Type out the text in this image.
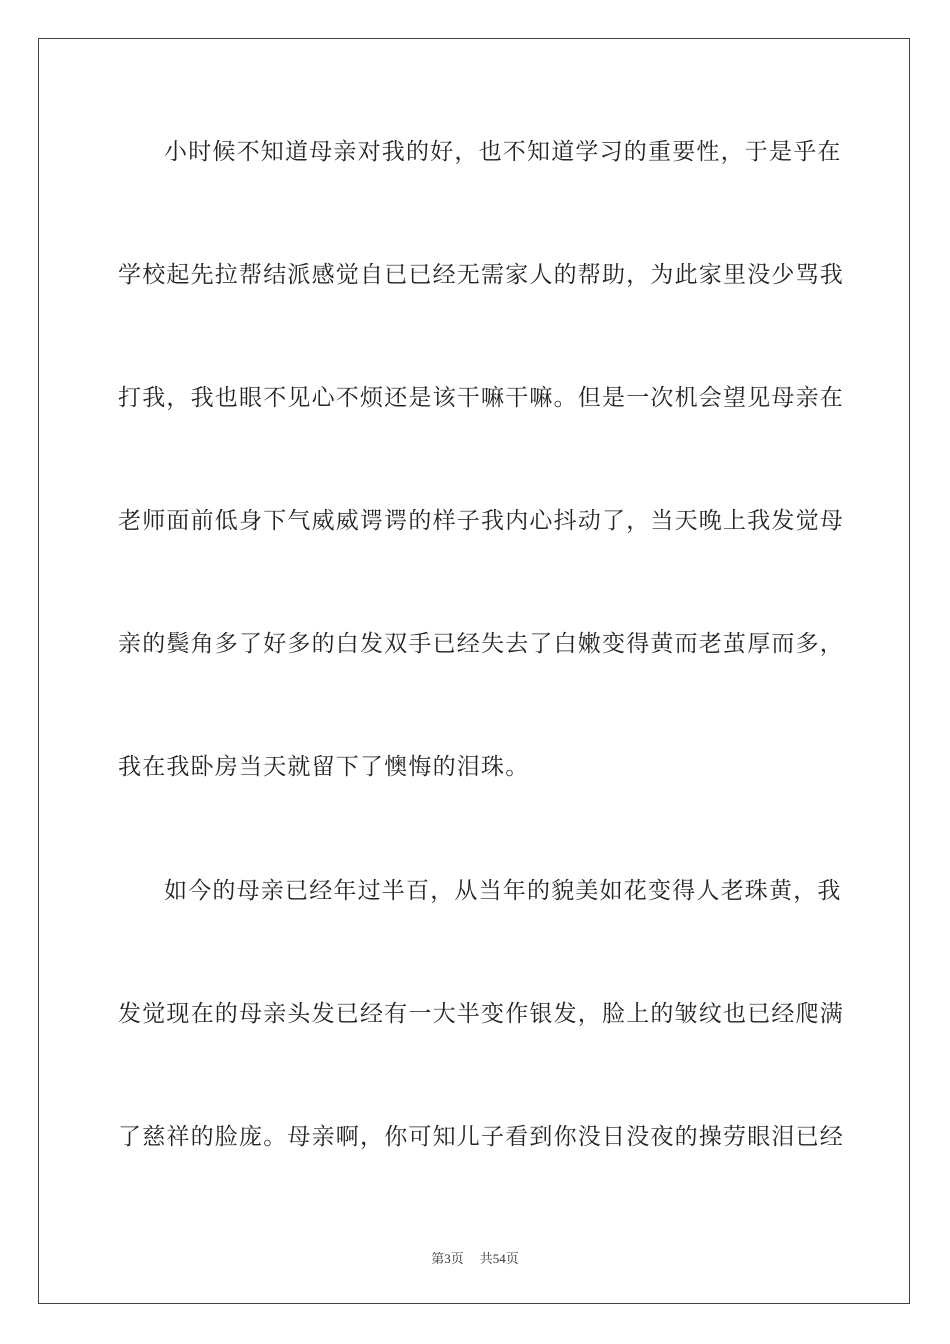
小时候不知道母亲对我的好，也不知道学习的重要性，于是乎在
学校起先拉帮结派感觉自已已经无需家人的帮助，为此家里没少骂我
打我，我也眼不见心不烦还是该干嘛干嘛。但是一次机会望见母亲在
老师面前低身下气威威谔谔的样子我内心抖动了，当天晚上我发觉母
亲的鬓角多了好多的白发双手已经失去了白嫩变得黄而老茧厚而多，
我在我卧房当天就留下了懊悔的泪珠。
如今的母亲已经年过半百，从当年的貌美如花变得人老珠黄，我
发觉现在的母亲头发已经有一大半变作银发，脸上的皱纹也已经爬满
了慈祥的脸庞。母亲啊，你可知儿子看到你没日没夜的操劳眼泪已经
第3页 共54页
